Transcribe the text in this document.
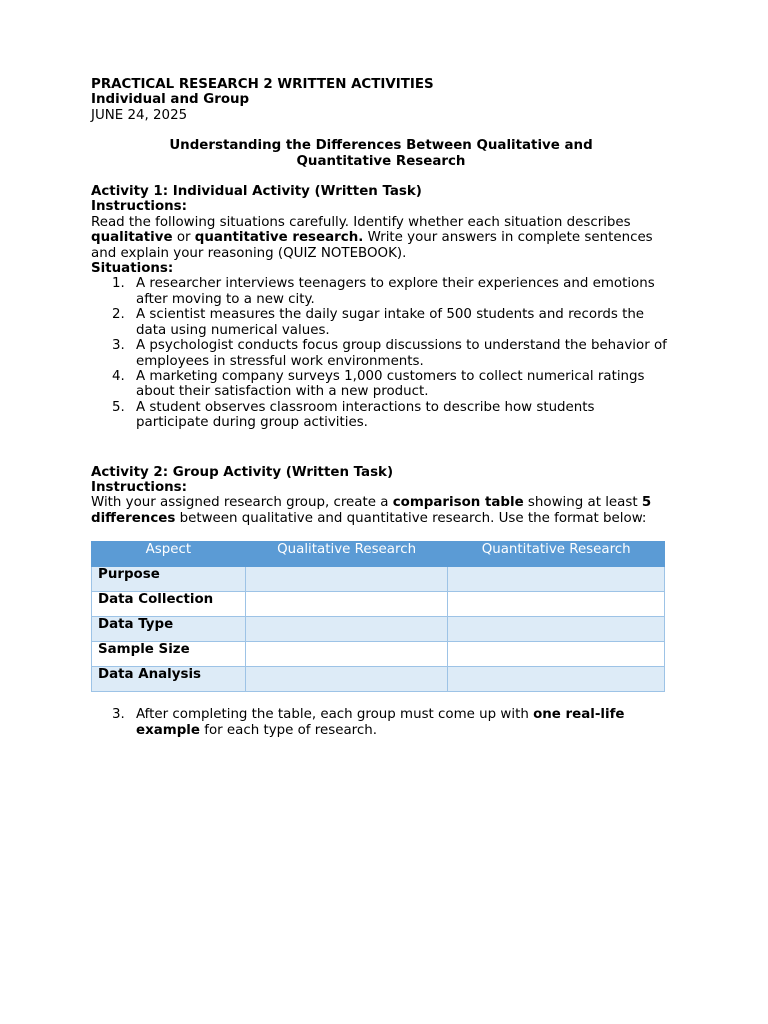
PRACTICAL RESEARCH 2 WRITTEN ACTIVITIES

Individual and Group

JUNE 24, 2025

Understanding the Differences Between Qualitative and
Quantitative Research

Activity 1: Individual Activity (Written Task)

Instructions:

Read the following situations carefully. Identify whether each situation describes qualitative or quantitative research. Write your answers in complete sentences and explain your reasoning (QUIZ NOTEBOOK).

Situations:

1. A researcher interviews teenagers to explore their experiences and emotions after moving to a new city.
2. A scientist measures the daily sugar intake of 500 students and records the data using numerical values.
3. A psychologist conducts focus group discussions to understand the behavior of employees in stressful work environments.
4. A marketing company surveys 1,000 customers to collect numerical ratings about their satisfaction with a new product.
5. A student observes classroom interactions to describe how students participate during group activities.

Activity 2: Group Activity (Written Task)

Instructions:

With your assigned research group, create a comparison table showing at least 5 differences between qualitative and quantitative research. Use the format below:

Aspect	Qualitative Research	Quantitative Research
Purpose		
Data Collection		
Data Type		
Sample Size		
Data Analysis		
3. After completing the table, each group must come up with one real-life example for each type of research.
